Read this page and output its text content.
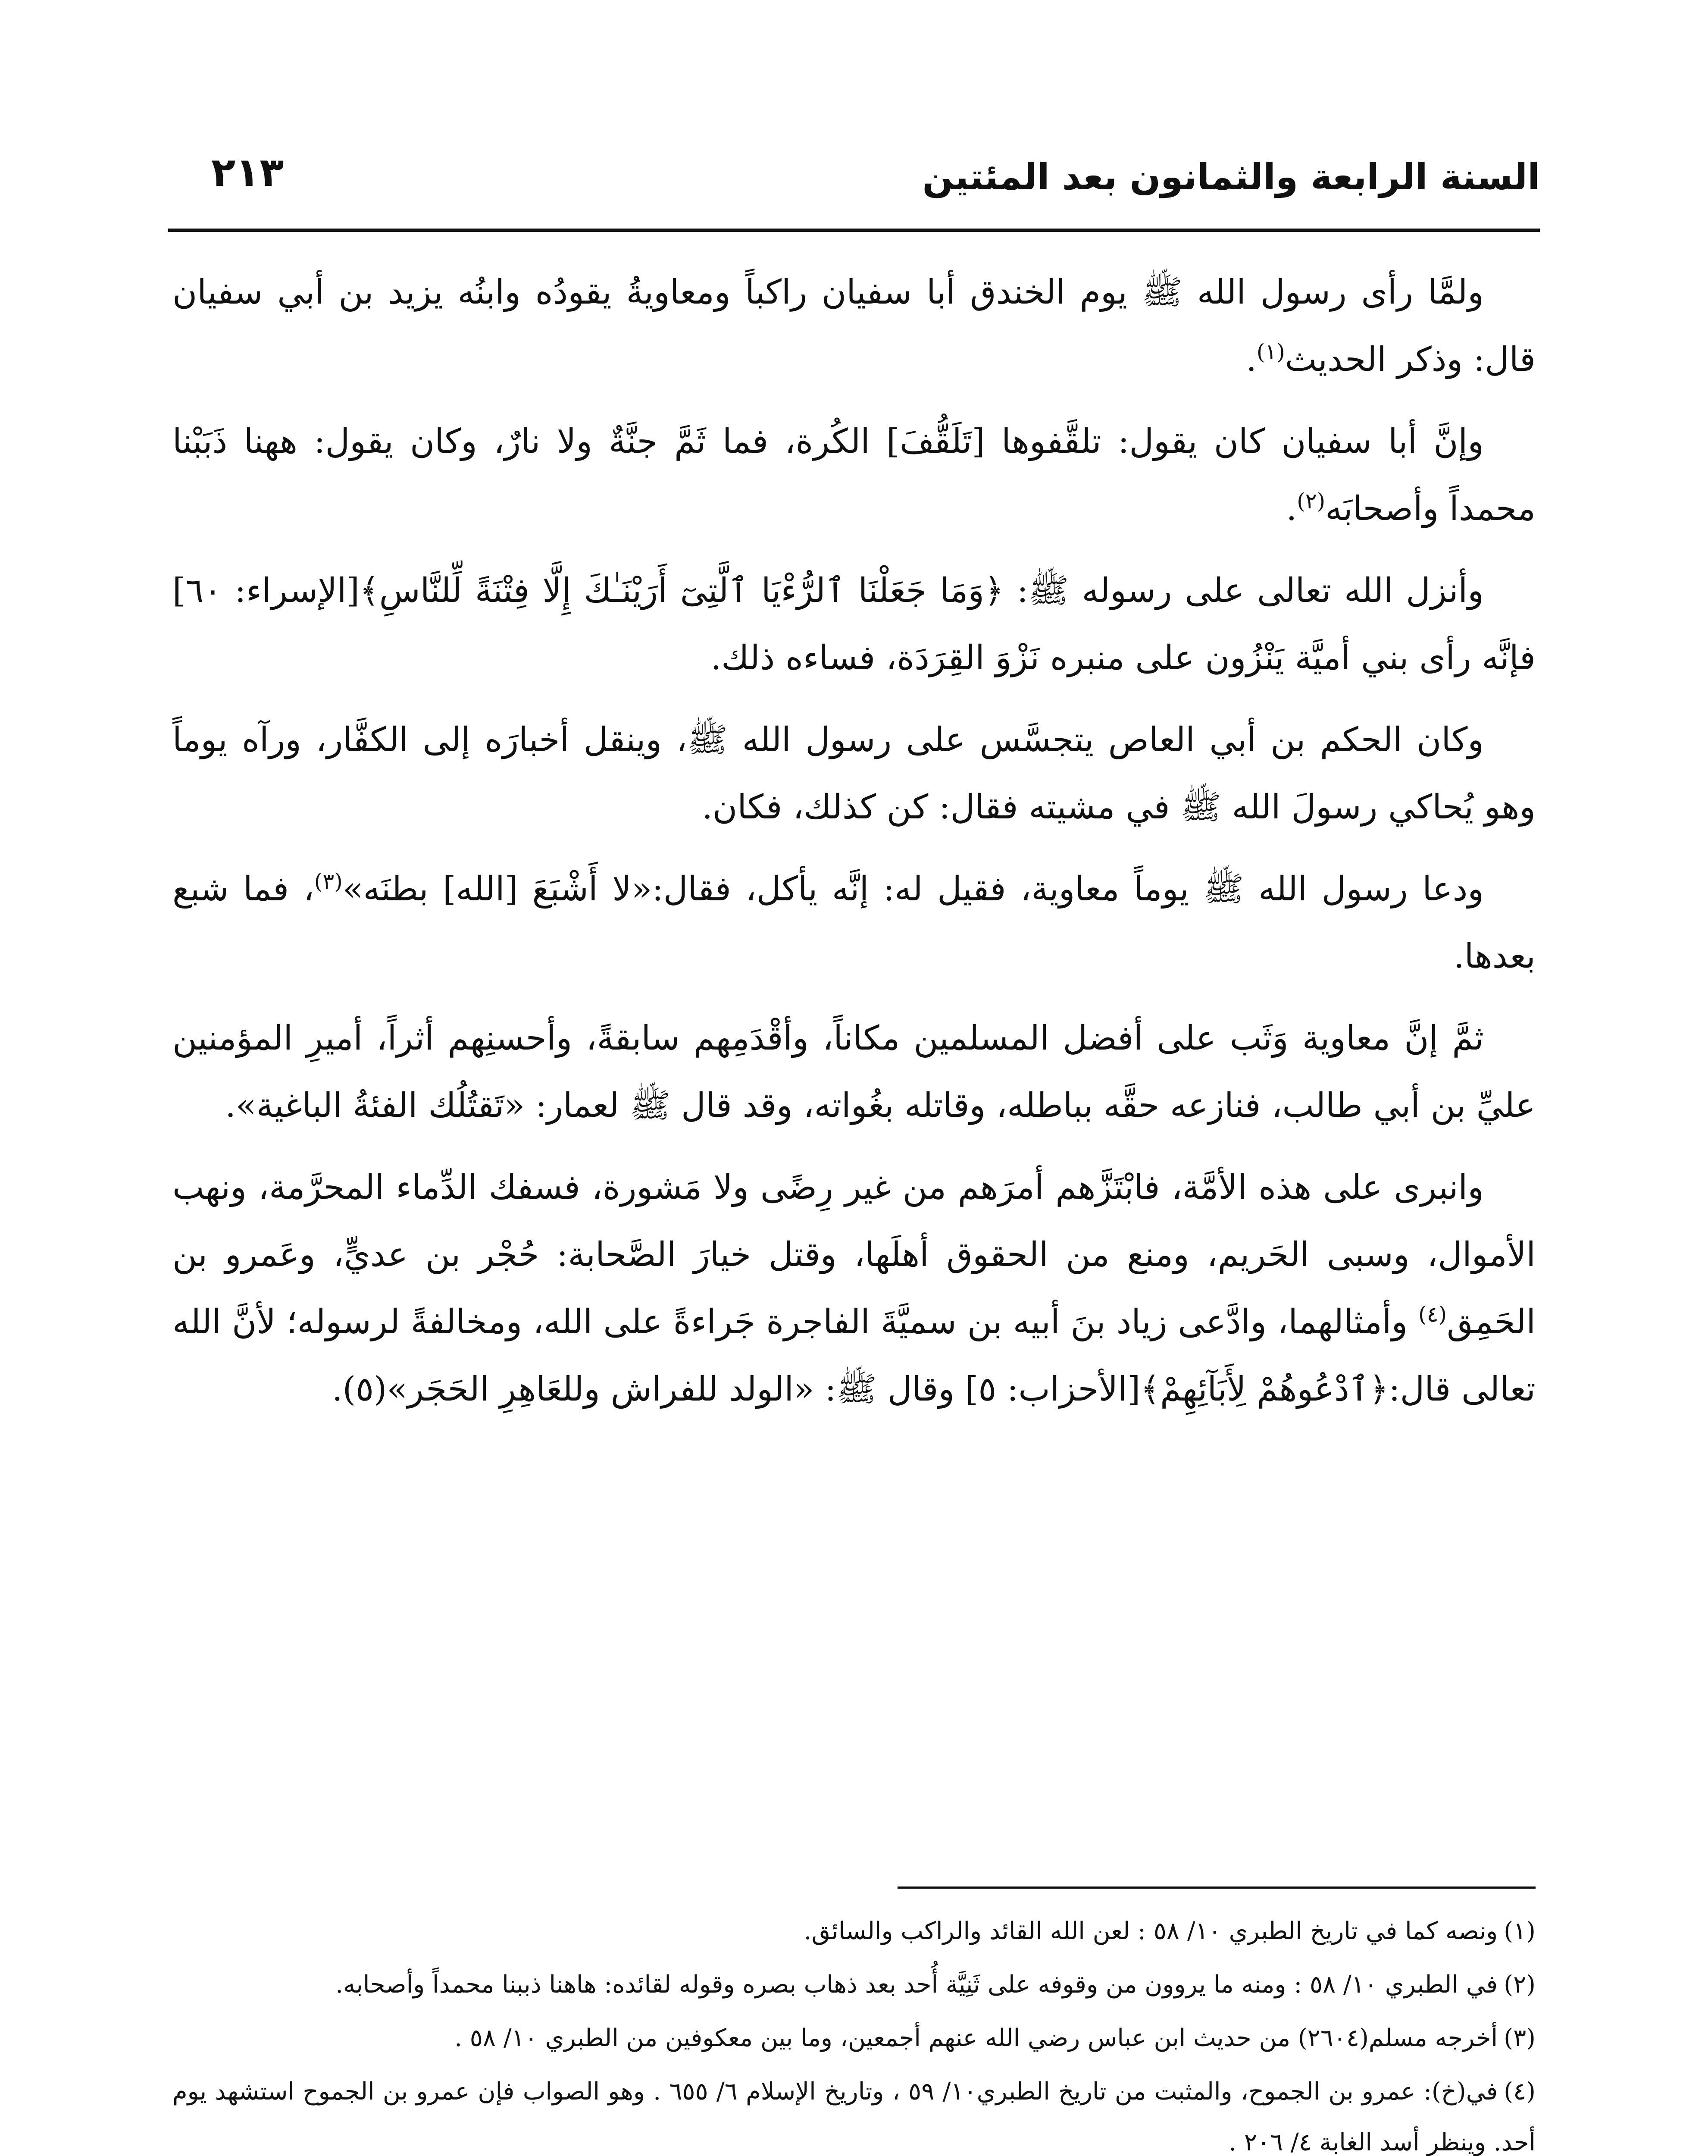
السنة الرابعة والثمانون بعد المئتين
٢١٣

ولمَّا رأى رسول الله ﷺ يوم الخندق أبا سفيان راكباً ومعاويةُ يقودُه وابنُه يزيد بن أبي سفيان قال: وذكر الحديث$^{(١)}$.

وإنَّ أبا سفيان كان يقول: تلقَّفوها [تَلَقُّفَ] الكُرة، فما ثَمَّ جنَّةٌ ولا نارٌ، وكان يقول: ههنا ذَبَبْنا محمداً وأصحابَه$^{(٢)}$.

وأنزل الله تعالى على رسوله ﷺ: ﴿وَمَا جَعَلْنَا ٱلرُّءْيَا ٱلَّتِىٓ أَرَيْنَـٰكَ إِلَّا فِتْنَةً لِّلنَّاسِ﴾[الإسراء: ٦٠] فإنَّه رأى بني أميَّة يَنْزُون على منبره نَزْوَ القِرَدَة، فساءه ذلك.

وكان الحكم بن أبي العاص يتجسَّس على رسول الله ﷺ، وينقل أخبارَه إلى الكفَّار، ورآه يوماً وهو يُحاكي رسولَ الله ﷺ في مشيته فقال: كن كذلك، فكان.

ودعا رسول الله ﷺ يوماً معاوية، فقيل له: إنَّه يأكل، فقال:«لا أَشْبَعَ [الله] بطنَه»$^{(٣)}$، فما شبع بعدها.

ثمَّ إنَّ معاوية وَثَب على أفضل المسلمين مكاناً، وأقْدَمِهم سابقةً، وأحسنِهم أثراً، أميرِ المؤمنين عليِّ بن أبي طالب، فنازعه حقَّه بباطله، وقاتله بغُواته، وقد قال ﷺ لعمار: «تَقتُلُك الفئةُ الباغية».

وانبرى على هذه الأمَّة، فابْتَزَّهم أمرَهم من غير رِضًى ولا مَشورة، فسفك الدِّماء المحرَّمة، ونهب الأموال، وسبى الحَريم، ومنع من الحقوق أهلَها، وقتل خيارَ الصَّحابة: حُجْر بن عديٍّ، وعَمرو بن الحَمِق$^{(٤)}$ وأمثالهما، وادَّعى زياد بنَ أبيه بن سميَّةَ الفاجرة جَراءةً على الله، ومخالفةً لرسوله؛ لأنَّ الله تعالى قال:﴿ٱدْعُوهُمْ لِأَبَآئِهِمْ﴾[الأحزاب: ٥] وقال ﷺ: «الولد للفراش وللعَاهِرِ الحَجَر»(٥).

(١)ونصه كما في تاريخ الطبري ١٠/ ٥٨ : لعن الله القائد والراكب والسائق.

(٢)في الطبري ١٠/ ٥٨ : ومنه ما يروون من وقوفه على ثَنِيَّة أُحد بعد ذهاب بصره وقوله لقائده: هاهنا ذببنا محمداً وأصحابه.

(٣)أخرجه مسلم(٢٦٠٤) من حديث ابن عباس رضي الله عنهم أجمعين، وما بين معكوفين من الطبري ١٠/ ٥٨ .

(٤)في(خ): عمرو بن الجموح، والمثبت من تاريخ الطبري١٠/ ٥٩ ، وتاريخ الإسلام ٦/ ٦٥٥ . وهو الصواب فإن عمرو بن الجموح استشهد يوم أحد. وينظر أسد الغابة ٤/ ٢٠٦ .
